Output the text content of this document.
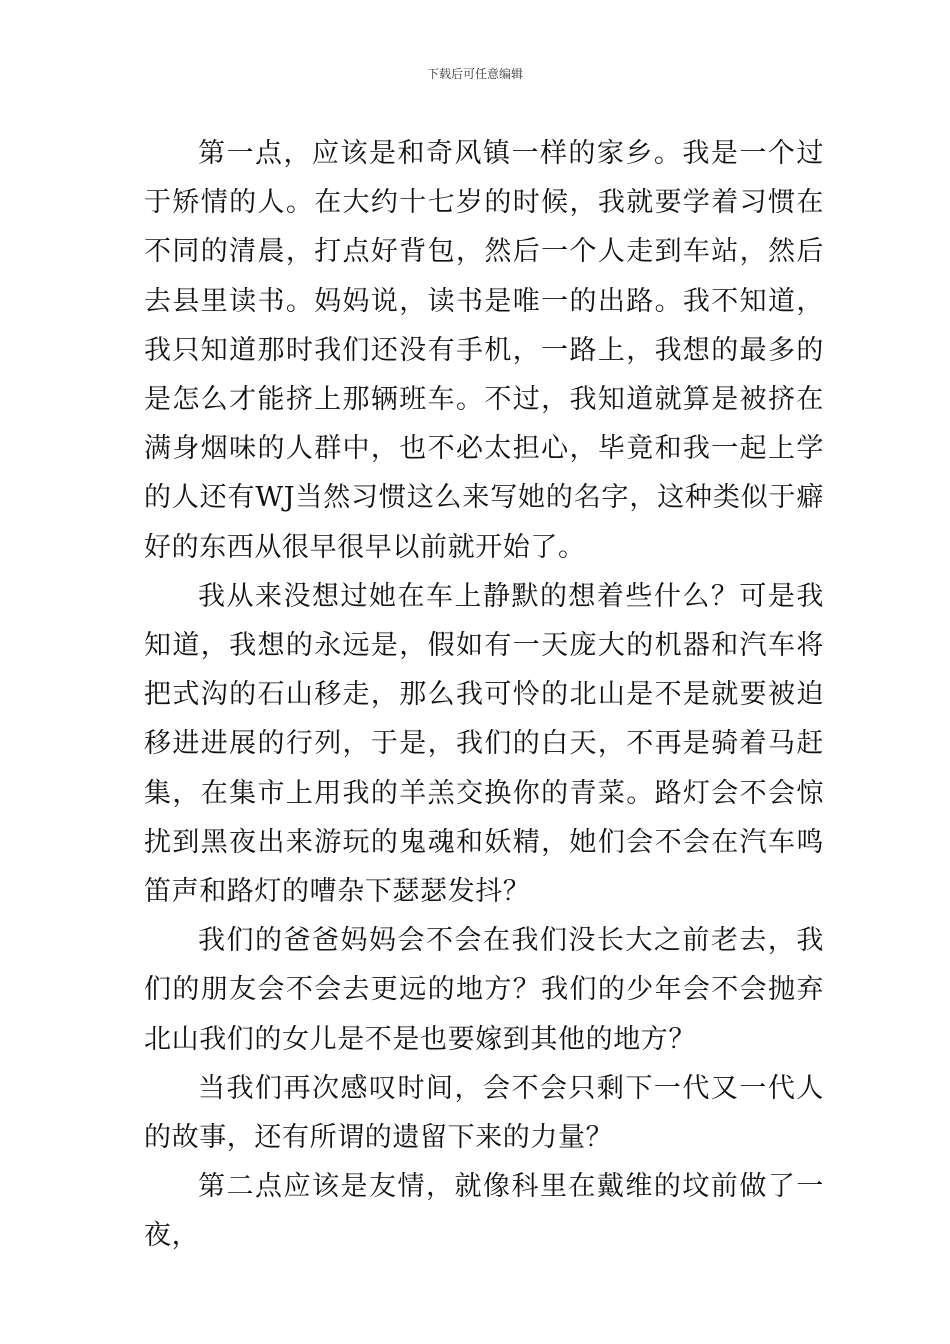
下载后可任意编辑

第一点，应该是和奇风镇一样的家乡。我是一个过于矫情的人。在大约十七岁的时候，我就要学着习惯在不同的清晨，打点好背包，然后一个人走到车站，然后去县里读书。妈妈说，读书是唯一的出路。我不知道，我只知道那时我们还没有手机，一路上，我想的最多的是怎么才能挤上那辆班车。不过，我知道就算是被挤在满身烟味的人群中，也不必太担心，毕竟和我一起上学的人还有WJ当然习惯这么来写她的名字，这种类似于癖好的东西从很早很早以前就开始了。

我从来没想过她在车上静默的想着些什么？可是我知道，我想的永远是，假如有一天庞大的机器和汽车将把式沟的石山移走，那么我可怜的北山是不是就要被迫移进进展的行列，于是，我们的白天，不再是骑着马赶集，在集市上用我的羊羔交换你的青菜。路灯会不会惊扰到黑夜出来游玩的鬼魂和妖精，她们会不会在汽车鸣笛声和路灯的嘈杂下瑟瑟发抖？

我们的爸爸妈妈会不会在我们没长大之前老去，我们的朋友会不会去更远的地方？我们的少年会不会抛弃北山我们的女儿是不是也要嫁到其他的地方？

当我们再次感叹时间，会不会只剩下一代又一代人的故事，还有所谓的遗留下来的力量？

第二点应该是友情，就像科里在戴维的坟前做了一夜，
